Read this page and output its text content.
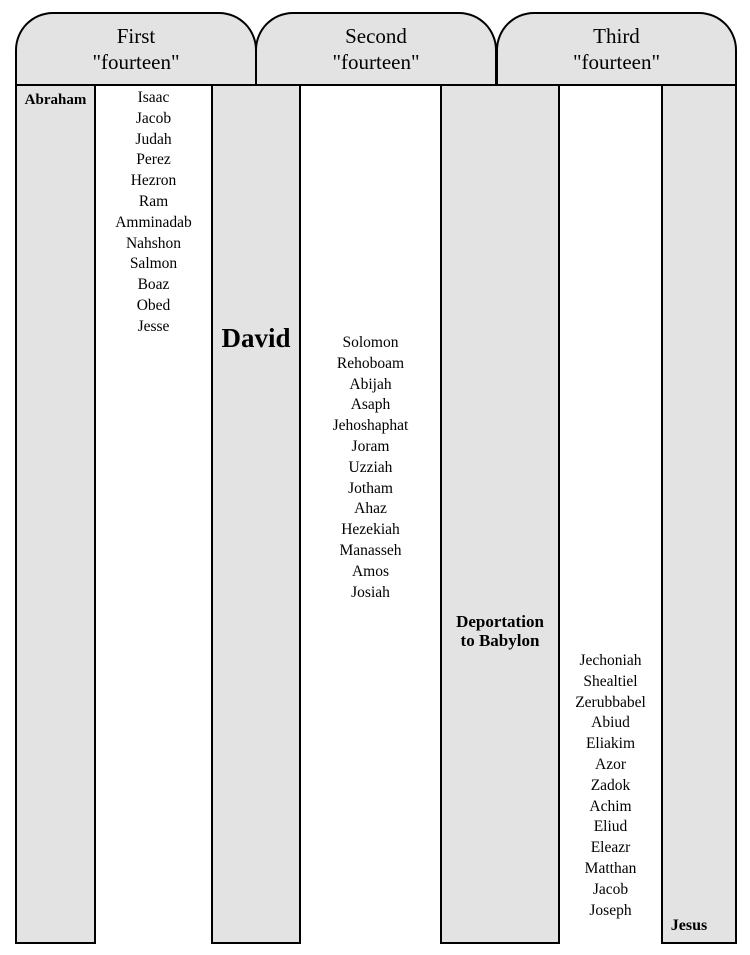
First
"fourteen"
Second
"fourteen"
Third
"fourteen"
Abraham
David
Deportation
to Babylon
Jesus
Isaac
Jacob
Judah
Perez
Hezron
Ram
Amminadab
Nahshon
Salmon
Boaz
Obed
Jesse
Solomon
Rehoboam
Abijah
Asaph
Jehoshaphat
Joram
Uzziah
Jotham
Ahaz
Hezekiah
Manasseh
Amos
Josiah
Jechoniah
Shealtiel
Zerubbabel
Abiud
Eliakim
Azor
Zadok
Achim
Eliud
Eleazr
Matthan
Jacob
Joseph
